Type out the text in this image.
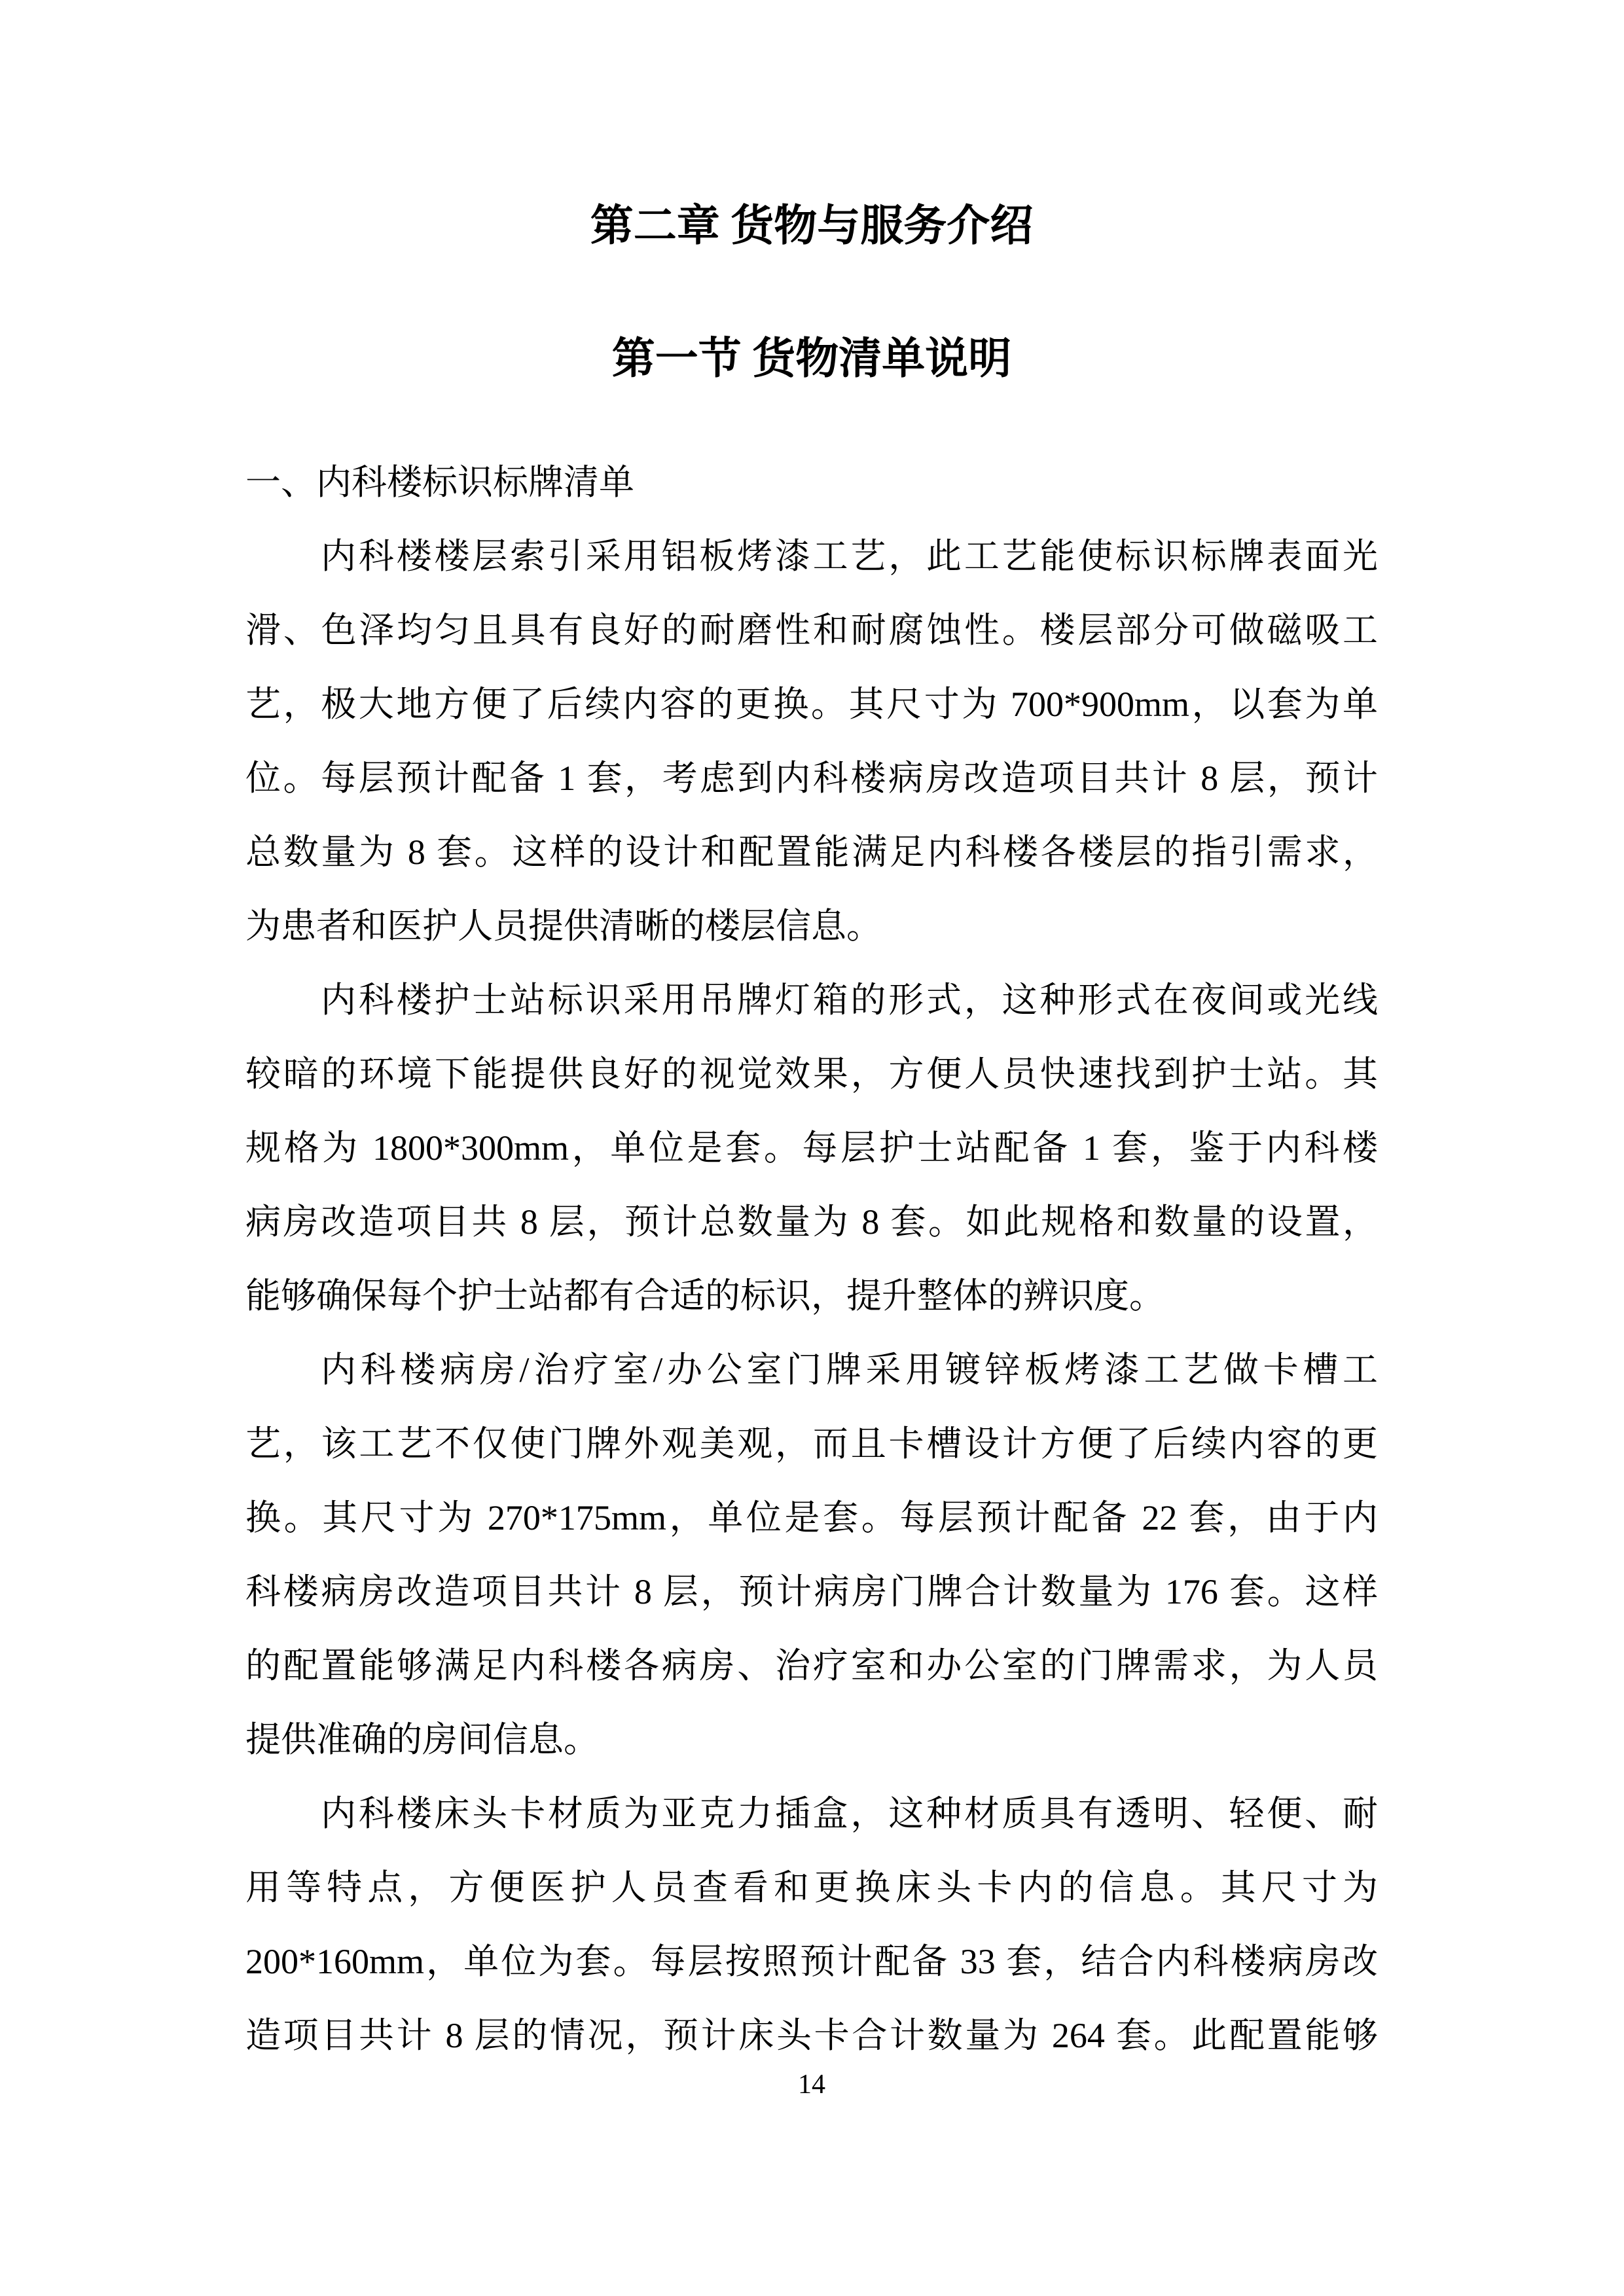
第二章 货物与服务介绍
第一节 货物清单说明
一、内科楼标识标牌清单
内科楼楼层索引采用铝板烤漆工艺，此工艺能使标识标牌表面光
滑、色泽均匀且具有良好的耐磨性和耐腐蚀性。楼层部分可做磁吸工
艺，极大地方便了后续内容的更换。其尺寸为 700*900mm，以套为单
位。每层预计配备 1 套，考虑到内科楼病房改造项目共计 8 层，预计
总数量为 8 套。这样的设计和配置能满足内科楼各楼层的指引需求，
为患者和医护人员提供清晰的楼层信息。
内科楼护士站标识采用吊牌灯箱的形式，这种形式在夜间或光线
较暗的环境下能提供良好的视觉效果，方便人员快速找到护士站。其
规格为 1800*300mm，单位是套。每层护士站配备 1 套，鉴于内科楼
病房改造项目共 8 层，预计总数量为 8 套。如此规格和数量的设置，
能够确保每个护士站都有合适的标识，提升整体的辨识度。
内科楼病房/治疗室/办公室门牌采用镀锌板烤漆工艺做卡槽工
艺，该工艺不仅使门牌外观美观，而且卡槽设计方便了后续内容的更
换。其尺寸为 270*175mm，单位是套。每层预计配备 22 套，由于内
科楼病房改造项目共计 8 层，预计病房门牌合计数量为 176 套。这样
的配置能够满足内科楼各病房、治疗室和办公室的门牌需求，为人员
提供准确的房间信息。
内科楼床头卡材质为亚克力插盒，这种材质具有透明、轻便、耐
用等特点，方便医护人员查看和更换床头卡内的信息。其尺寸为
200*160mm，单位为套。每层按照预计配备 33 套，结合内科楼病房改
造项目共计 8 层的情况，预计床头卡合计数量为 264 套。此配置能够
14
